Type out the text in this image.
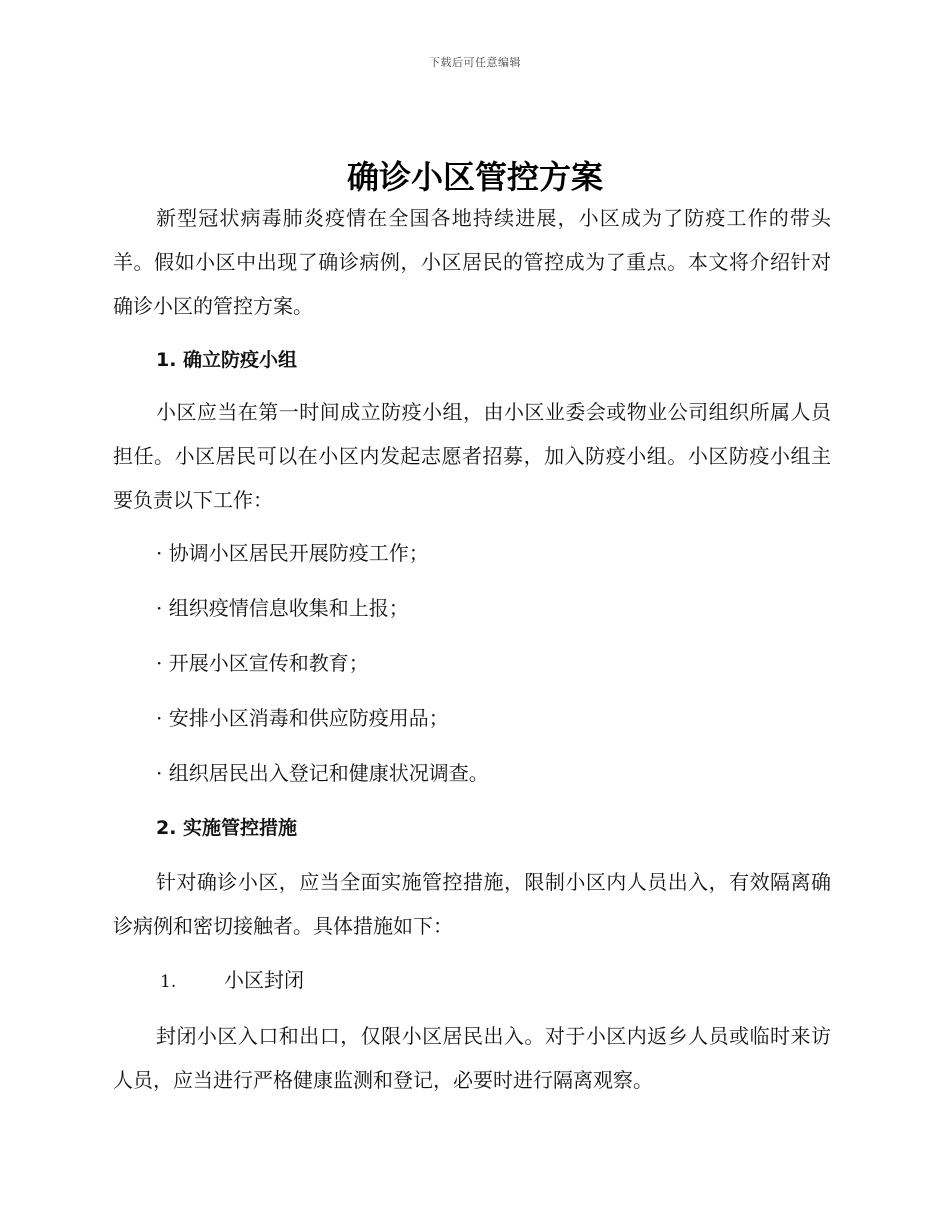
下载后可任意编辑
确诊小区管控方案

新型冠状病毒肺炎疫情在全国各地持续进展，小区成为了防疫工作的带头羊。假如小区中出现了确诊病例，小区居民的管控成为了重点。本文将介绍针对确诊小区的管控方案。

1. 确立防疫小组

小区应当在第一时间成立防疫小组，由小区业委会或物业公司组织所属人员担任。小区居民可以在小区内发起志愿者招募，加入防疫小组。小区防疫小组主要负责以下工作：

· 协调小区居民开展防疫工作；
· 组织疫情信息收集和上报；
· 开展小区宣传和教育；
· 安排小区消毒和供应防疫用品；
· 组织居民出入登记和健康状况调查。
2. 实施管控措施

针对确诊小区，应当全面实施管控措施，限制小区内人员出入，有效隔离确诊病例和密切接触者。具体措施如下：

1. 小区封闭

封闭小区入口和出口，仅限小区居民出入。对于小区内返乡人员或临时来访人员，应当进行严格健康监测和登记，必要时进行隔离观察。
